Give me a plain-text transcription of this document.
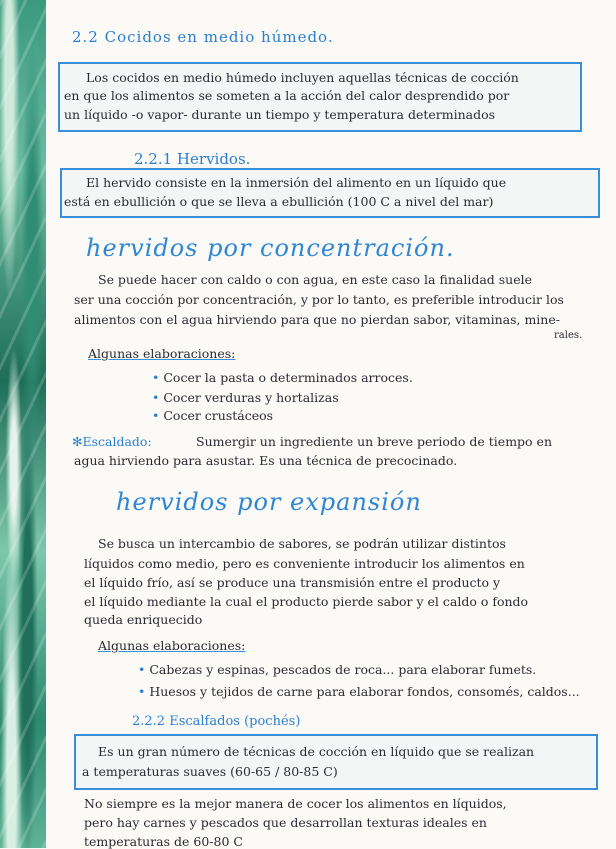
2.2 Cocidos en medio húmedo.
Los cocidos en medio húmedo incluyen aquellas técnicas de cocción
en que los alimentos se someten a la acción del calor desprendido por
un líquido -o vapor- durante un tiempo y temperatura determinados
2.2.1 Hervidos.
El hervido consiste en la inmersión del alimento en un líquido que
está en ebullición o que se lleva a ebullición (100 C a nivel del mar)
hervidos por concentración.
Se puede hacer con caldo o con agua, en este caso la finalidad suele
ser una cocción por concentración, y por lo tanto, es preferible introducir los
alimentos con el agua hirviendo para que no pierdan sabor, vitaminas, mine-
rales.
Algunas elaboraciones:
• Cocer la pasta o determinados arroces.
• Cocer verduras y hortalizas
• Cocer crustáceos
✻Escaldado:	Sumergir un ingrediente un breve periodo de tiempo en
agua hirviendo para asustar. Es una técnica de precocinado.
hervidos por expansión
Se busca un intercambio de sabores, se podrán utilizar distintos
líquidos como medio, pero es conveniente introducir los alimentos en
el líquido frío, así se produce una transmisión entre el producto y
el líquido mediante la cual el producto pierde sabor y el caldo o fondo
queda enriquecido
Algunas elaboraciones:
• Cabezas y espinas, pescados de roca... para elaborar fumets.
• Huesos y tejidos de carne para elaborar fondos, consomés, caldos...
2.2.2 Escalfados (pochés)
Es un gran número de técnicas de cocción en líquido que se realizan
a temperaturas suaves (60-65 / 80-85 C)
No siempre es la mejor manera de cocer los alimentos en líquidos,
pero hay carnes y pescados que desarrollan texturas ideales en
temperaturas de 60-80 C
